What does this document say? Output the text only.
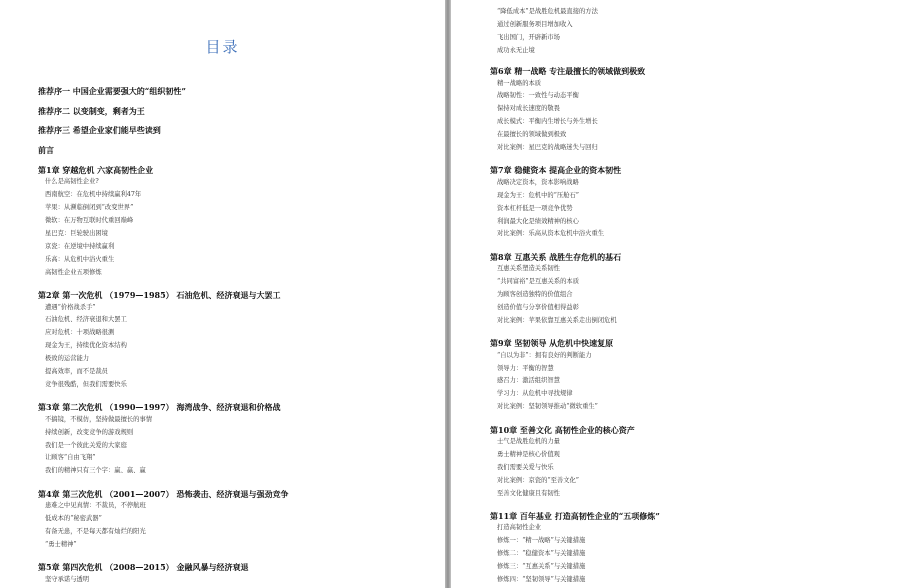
目录
推荐序一 中国企业需要强大的“组织韧性”
推荐序二 以变制变，剩者为王
推荐序三 希望企业家们能早些读到
前言
第1章 穿越危机 六家高韧性企业
什么是高韧性企业?
西南航空：在危机中持续赢利47年
苹果：从濒临倒闭到“改变世界”
微软：在万物互联时代重回巅峰
星巴克：巨轮驶出困境
京瓷：在逆境中持续赢利
乐高：从危机中浴火重生
高韧性企业五项修炼
第2章 第一次危机 （1979—1985） 石油危机、经济衰退与大罢工
遭遇“价格战杀手”
石油危机、经济衰退和大罢工
应对危机：十项战略很测
现金为王，持续优化资本结构
极致的运营能力
提高效率，而不是裁员
竞争很残酷，但我们需要快乐
第3章 第二次危机 （1990—1997） 海湾战争、经济衰退和价格战
不搞镜，不模仿，坚持做最擅长的事情
持续创新，改变竞争的游戏规则
我们是一个彼此关爱的大家庭
让顾客“自由飞翔”
我们的精神只有三个字：赢、赢、赢
第4章 第三次危机 （2001—2007） 恐怖袭击、经济衰退与强劲竞争
患难之中见真情：不裁员，不停航班
低成本的“秘密武器”
有备无患，不是每天都有灿烂的阳光
“勇士精神”
第5章 第四次危机 （2008—2015） 金融风暴与经济衰退
坚守承诺与透明
“降低成本”是战胜危机最直接的方法
通过创新服务项目增加收入
飞出国门，开辟新市场
成功永无止境
第6章 精一战略 专注最擅长的领域做到极致
精一战略的本质
战略韧性：一致性与动态平衡
保持对成长速度的敬畏
成长模式：平衡内生增长与外生增长
在最擅长的领域做到极致
对比案例：星巴克的战略迷失与回归
第7章 稳健资本 提高企业的资本韧性
战略决定资本，资本影响战略
现金为王：危机中的“压舱石”
资本杠杆低是一项竞争优势
利润最大化是绩效精神的核心
对比案例：乐高从资本危机中浴火重生
第8章 互惠关系 战胜生存危机的基石
互惠关系塑造关系韧性
“共同富裕”是互惠关系的本质
为顾客创造独特的价值组合
创造价值与分享价值相得益彰
对比案例：苹果依靠互惠关系走出倒闭危机
第9章 坚韧领导 从危机中快速复原
“自以为非”：拥有良好的判断能力
领导力：平衡的智慧
感召力：激活组织智慧
学习力：从危机中寻找规律
对比案例：坚韧领导推动“微软重生”
第10章 至善文化 高韧性企业的核心资产
士气是战胜危机的力量
勇士精神是核心价值观
我们需要关爱与快乐
对比案例：京瓷的“至善文化”
至善文化健康且有韧性
第11章 百年基业 打造高韧性企业的“五项修炼”
打造高韧性企业
修炼一：“精一战略”与关键措施
修炼二：“稳健资本”与关键措施
修炼三：“互惠关系”与关键措施
修炼四：“坚韧领导”与关键措施
